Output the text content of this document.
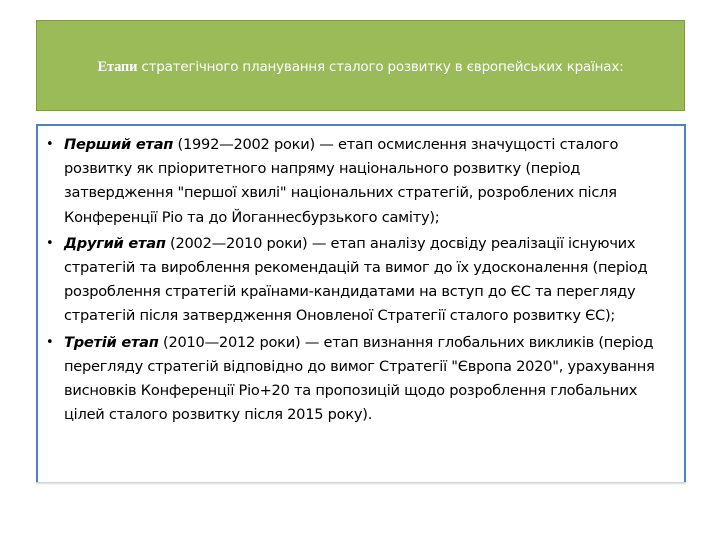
Етапи стратегічного планування сталого розвитку в європейських країнах:
• Перший етап (1992—2002 роки) — етап осмислення значущості сталого розвитку як пріоритетного напряму національного розвитку (період затвердження "першої хвилі" національних стратегій, розроблених після Конференції Ріо та до Йоганнесбурзького саміту);
• Другий етап (2002—2010 роки) — етап аналізу досвіду реалізації існуючих стратегій та вироблення рекомендацій та вимог до їх удосконалення (період розроблення стратегій країнами-кандидатами на вступ до ЄС та перегляду стратегій після затвердження Оновленої Стратегії сталого розвитку ЄС);
• Третій етап (2010—2012 роки) — етап визнання глобальних викликів (період перегляду стратегій відповідно до вимог Стратегії "Європа 2020", урахування висновків Конференції Ріо+20 та пропозицій щодо розроблення глобальних цілей сталого розвитку після 2015 року).
